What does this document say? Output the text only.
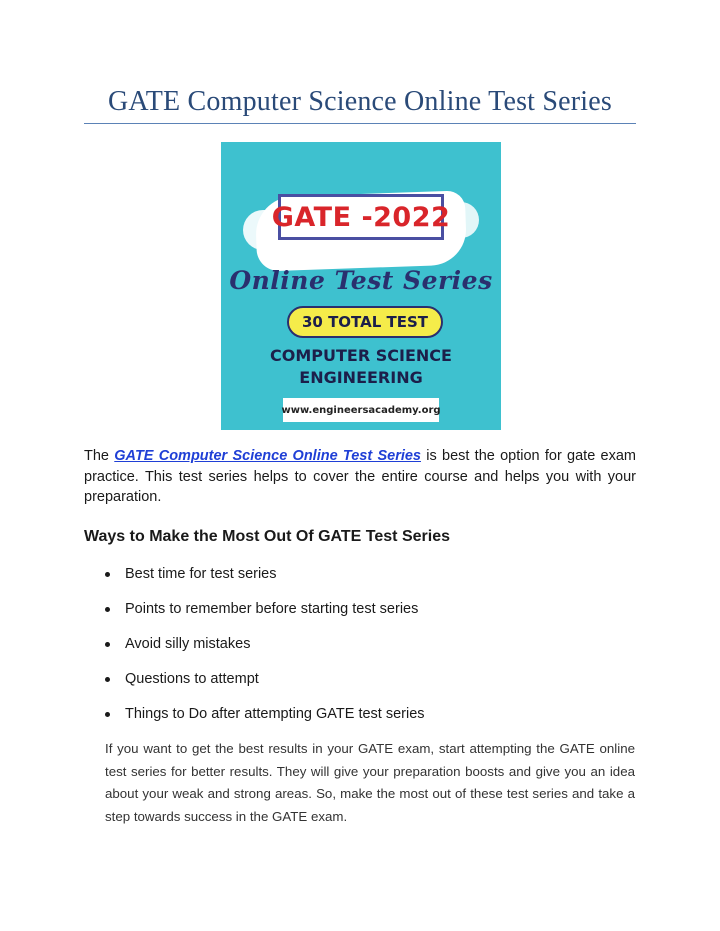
GATE Computer Science Online Test Series
GATE -2022
Online Test Series
30 TOTAL TEST
COMPUTER SCIENCE
ENGINEERING
www.engineersacademy.org

The GATE Computer Science Online Test Series is best the option for gate exam practice. This test series helps to cover the entire course and helps you with your preparation.

Ways to Make the Most Out Of GATE Test Series
Best time for test series
Points to remember before starting test series
Avoid silly mistakes
Questions to attempt
Things to Do after attempting GATE test series

If you want to get the best results in your GATE exam, start attempting the GATE online test series for better results. They will give your preparation boosts and give you an idea about your weak and strong areas. So, make the most out of these test series and take a step towards success in the GATE exam.
